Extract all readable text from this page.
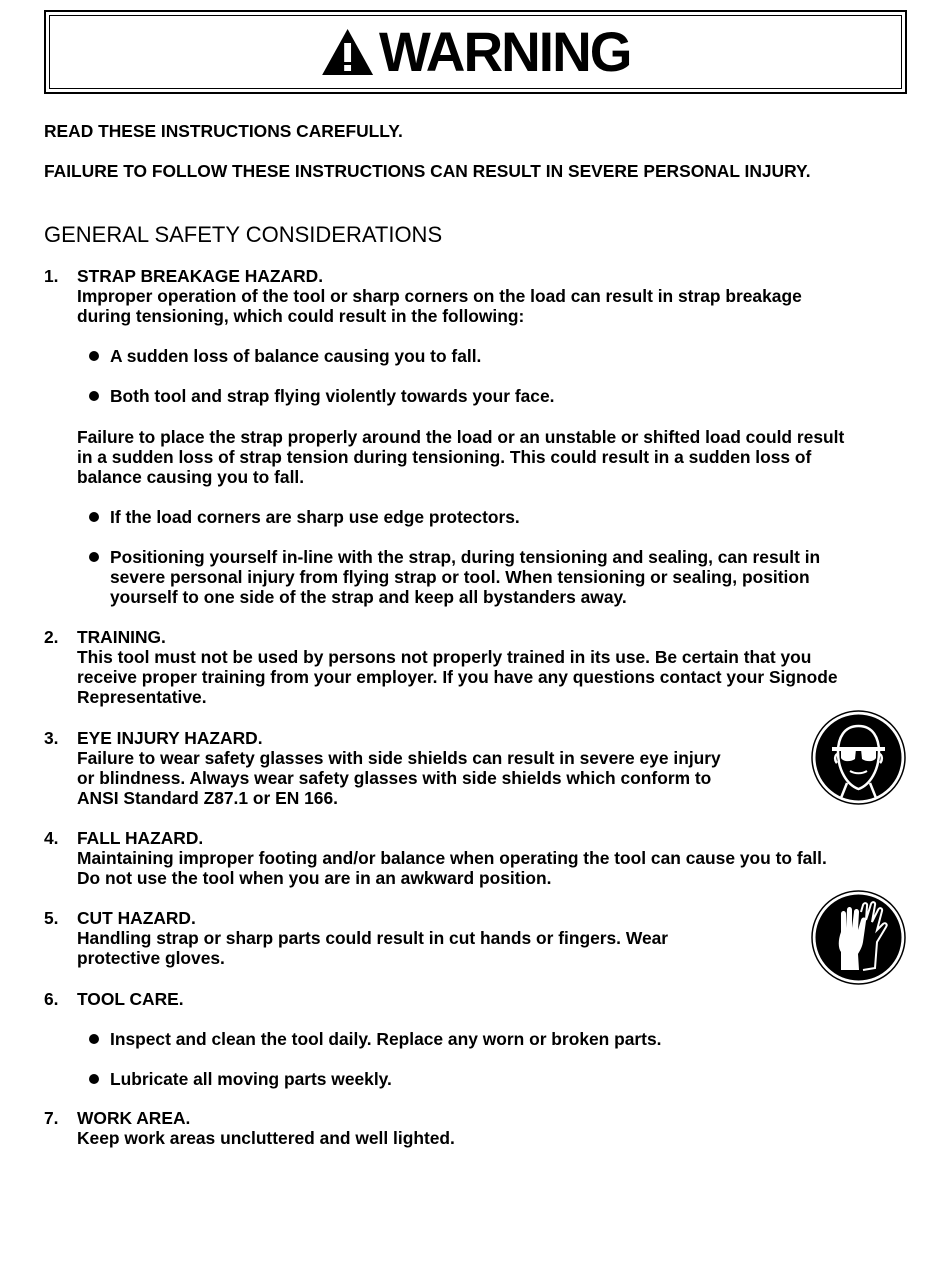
WARNING

READ THESE INSTRUCTIONS CAREFULLY.

FAILURE TO FOLLOW THESE INSTRUCTIONS CAN RESULT IN SEVERE PERSONAL INJURY.

GENERAL SAFETY CONSIDERATIONS
1. STRAP BREAKAGE HAZARD.

Improper operation of the tool or sharp corners on the load can result in strap breakage
during tensioning, which could result in the following:

A sudden loss of balance causing you to fall.

Both tool and strap flying violently towards your face.

Failure to place the strap properly around the load or an unstable or shifted load could result
in a sudden loss of strap tension during tensioning. This could result in a sudden loss of
balance causing you to fall.

If the load corners are sharp use edge protectors.

Positioning yourself in-line with the strap, during tensioning and sealing, can result in
severe personal injury from flying strap or tool. When tensioning or sealing, position
yourself to one side of the strap and keep all bystanders away.

2. TRAINING.

This tool must not be used by persons not properly trained in its use. Be certain that you
receive proper training from your employer. If you have any questions contact your Signode
Representative.

3. EYE INJURY HAZARD.

Failure to wear safety glasses with side shields can result in severe eye injury
or blindness. Always wear safety glasses with side shields which conform to
ANSI Standard Z87.1 or EN 166.

4. FALL HAZARD.

Maintaining improper footing and/or balance when operating the tool can cause you to fall.
Do not use the tool when you are in an awkward position.

5. CUT HAZARD.

Handling strap or sharp parts could result in cut hands or fingers. Wear
protective gloves.

6. TOOL CARE.

Inspect and clean the tool daily. Replace any worn or broken parts.

Lubricate all moving parts weekly.

7. WORK AREA.

Keep work areas uncluttered and well lighted.
